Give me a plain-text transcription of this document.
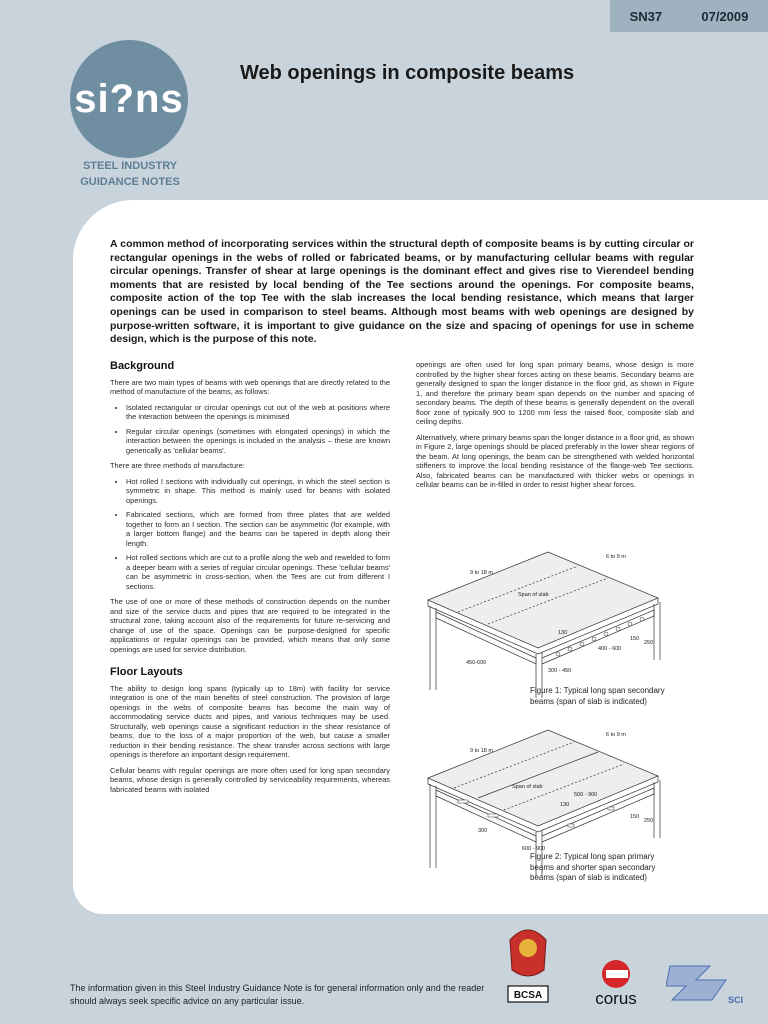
SN37	07/2009
si?ns
STEEL INDUSTRY
GUIDANCE NOTES
Web openings in composite beams

A common method of incorporating services within the structural depth of composite beams is by cutting circular or rectangular openings in the webs of rolled or fabricated beams, or by manufacturing cellular beams with regular circular openings. Transfer of shear at large openings is the dominant effect and gives rise to Vierendeel bending moments that are resisted by local bending of the Tee sections around the openings. For composite beams, composite action of the top Tee with the slab increases the local bending resistance, which means that larger openings can be used in comparison to steel beams. Although most beams with web openings are designed by purpose-written software, it is important to give guidance on the size and spacing of openings for use in scheme design, which is the purpose of this note.

Background

There are two main types of beams with web openings that are directly related to the method of manufacture of the beams, as follows:

• Isolated rectangular or circular openings cut out of the web at positions where the interaction between the openings is minimised
• Regular circular openings (sometimes with elongated openings) in which the interaction between the openings is included in the analysis – these are known generically as 'cellular beams'.

There are three methods of manufacture:

• Hot rolled I sections with individually cut openings, in which the steel section is symmetric in shape. This method is mainly used for beams with isolated openings.
• Fabricated sections, which are formed from three plates that are welded together to form an I section. The section can be asymmetric (for example, with a larger bottom flange) and the beams can be tapered in depth along their length.
• Hot rolled sections which are cut to a profile along the web and rewelded to form a deeper beam with a series of regular circular openings. These 'cellular beams' can be asymmetric in cross-section, when the Tees are cut from different I sections.

The use of one or more of these methods of construction depends on the number and size of the service ducts and pipes that are required to be integrated in the structural zone, taking account also of the requirements for future re-servicing and change of use of the space. Openings can be purpose-designed for specific applications or regular openings can be provided, which means that only some openings are used for service distribution.

Floor Layouts

The ability to design long spans (typically up to 18m) with facility for service integration is one of the main benefits of steel construction. The provision of large openings in the webs of composite beams has become the main way of accommodating service ducts and pipes, and various techniques may be used. Structurally, web openings cause a significant reduction in the shear resistance of beams, due to the loss of a major proportion of the web, but cause a smaller reduction in their bending resistance. The shear transfer across sections with large openings is therefore an important design requirement.

Cellular beams with regular openings are more often used for long span secondary beams, whose design is generally controlled by serviceability requirements, whereas fabricated beams with isolated

openings are often used for long span primary beams, whose design is more controlled by the higher shear forces acting on these beams. Secondary beams are generally designed to span the longer distance in the floor grid, as shown in Figure 1, and therefore the primary beam span depends on the number and spacing of secondary beams. The depth of these beams is generally dependent on the overall floor zone of typically 900 to 1200 mm less the raised floor, composite slab and ceiling depths.

Alternatively, where primary beams span the longer distance in a floor grid, as shown in Figure 2, large openings should be placed preferably in the lower shear regions of the beam. At long openings, the beam can be strengthened with welded horizontal stiffeners to improve the local bending resistance of the flange-web Tee sections. Also, fabricated beams can be manufactured with thicker webs or openings in cellular beams can be in-filled in order to resist higher shear forces.

9 to 18 m
6 to 9 m
Span of slab
130
400 - 600
450-600
300 - 450
250
150
Figure 1: Typical long span secondary
beams (span of slab is indicated)
9 to 18 m
6 to 9 m
Span of slab
130
500 - 900
300
600 - 900
250
150
Figure 2: Typical long span primary
beams and shorter span secondary
beams (span of slab is indicated)
The information given in this Steel Industry Guidance Note is for general information only and the reader should always seek specific advice on any particular issue.	BCSA	corus	SCI
